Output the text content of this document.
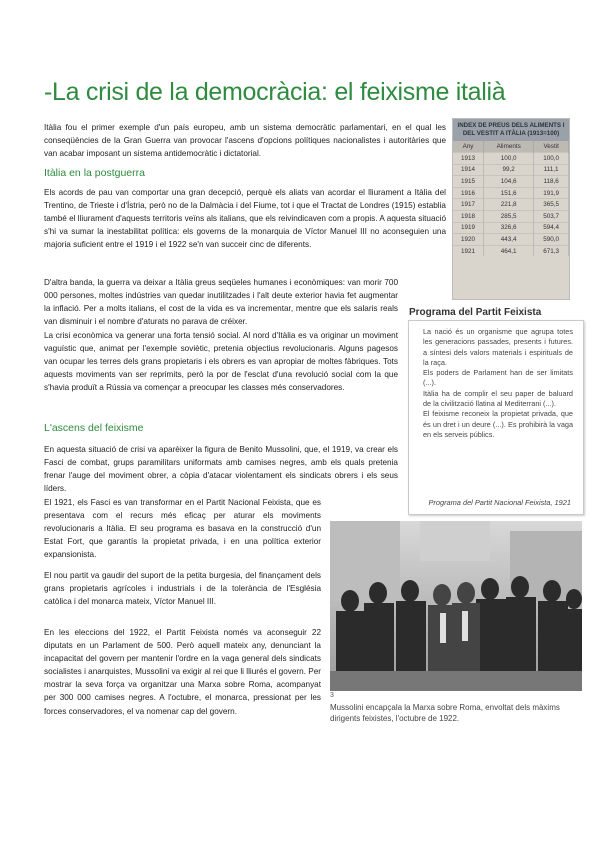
-La crisi de la democràcia: el feixisme italià

Itàlia fou el primer exemple d'un país europeu, amb un sistema democràtic parlamentari, en el qual les conseqüències de la Gran Guerra van provocar l'ascens d'opcions polítiques nacionalistes i autoritàries que van acabar imposant un sistema antidemocràtic i dictatorial.

Itàlia en la postguerra

Els acords de pau van comportar una gran decepció, perquè els aliats van acordar el lliurament a Itàlia del Trentino, de Trieste i d'Ístria, però no de la Dalmàcia i del Fiume, tot i que el Tractat de Londres (1915) establia també el lliurament d'aquests territoris veïns als italians, que els reivindicaven com a propis. A aquesta situació s'hi va sumar la inestabilitat política: els governs de la monarquia de Víctor Manuel III no aconseguien una majoria suficient entre el 1919 i el 1922 se'n van succeir cinc de diferents.

D'altra banda, la guerra va deixar a Itàlia greus seqüeles humanes i econòmiques: van morir 700 000 persones, moltes indústries van quedar inutilitzades i l'alt deute exterior havia fet augmentar la inflació. Per a molts italians, el cost de la vida es va incrementar, mentre que els salaris reals van disminuir i el nombre d'aturats no parava de créixer.

La crisi econòmica va generar una forta tensió social. Al nord d'Itàlia es va originar un moviment vaguístic que, animat per l'exemple soviètic, pretenia objectius revolucionaris. Alguns pagesos van ocupar les terres dels grans propietaris i els obrers es van apropiar de moltes fàbriques. Tots aquests moviments van ser reprimits, però la por de l'esclat d'una revolució social com la que s'havia produït a Rússia va començar a preocupar les classes més conservadores.

L'ascens del feixisme

En aquesta situació de crisi va aparèixer la figura de Benito Mussolini, que, el 1919, va crear els Fasci de combat, grups paramilitars uniformats amb camises negres, amb els quals pretenia frenar l'auge del moviment obrer, a còpia d'atacar violentament els sindicats obrers i els seus líders.

El 1921, els Fasci es van transformar en el Partit Nacional Feixista, que es presentava com el recurs més eficaç per aturar els moviments revolucionaris a Itàlia. El seu programa es basava en la construcció d'un Estat Fort, que garantís la propietat privada, i en una política exterior expansionista.

El nou partit va gaudir del suport de la petita burgesia, del finançament dels grans propietaris agrícoles i industrials i de la tolerància de l'Església catòlica i del monarca mateix, Víctor Manuel III.

En les eleccions del 1922, el Partit Feixista només va aconseguir 22 diputats en un Parlament de 500. Però aquell mateix any, denunciant la incapacitat del govern per mantenir l'ordre en la vaga general dels sindicats socialistes i anarquistes, Mussolini va exigir al rei que li lliurés el govern. Per mostrar la seva força va organitzar una Marxa sobre Roma, acompanyat per 300 000 camises negres. A l'octubre, el monarca, pressionat per les forces conservadores, el va nomenar cap del govern.

INDEX DE PREUS DELS ALIMENTS I DEL VESTIT A ITÀLIA (1913=100)
Any	Aliments	Vestit
1913	100,0	100,0
1914	99,2	111,1
1915	104,6	118,6
1916	151,6	191,9
1917	221,8	365,5
1918	285,5	503,7
1919	326,6	594,4
1920	443,4	590,0
1921	464,1	671,3
Programa del Partit Feixista

La nació és un organisme que agrupa totes les generacions passades, presents i futures. a síntesi dels valors materials i espirituals de la raça.

Els poders de Parlament han de ser limitats (...).

Itàlia ha de complir el seu paper de baluard de la civilització llatina al Mediterrani (...).

El feixisme reconeix la propietat privada, que és un dret i un deure (...). Es prohibirà la vaga en els serveis públics.

Programa del Partit Nacional Feixista, 1921
3
Mussolini encapçala la Marxa sobre Roma, envoltat dels màxims dirigents feixistes, l'octubre de 1922.
